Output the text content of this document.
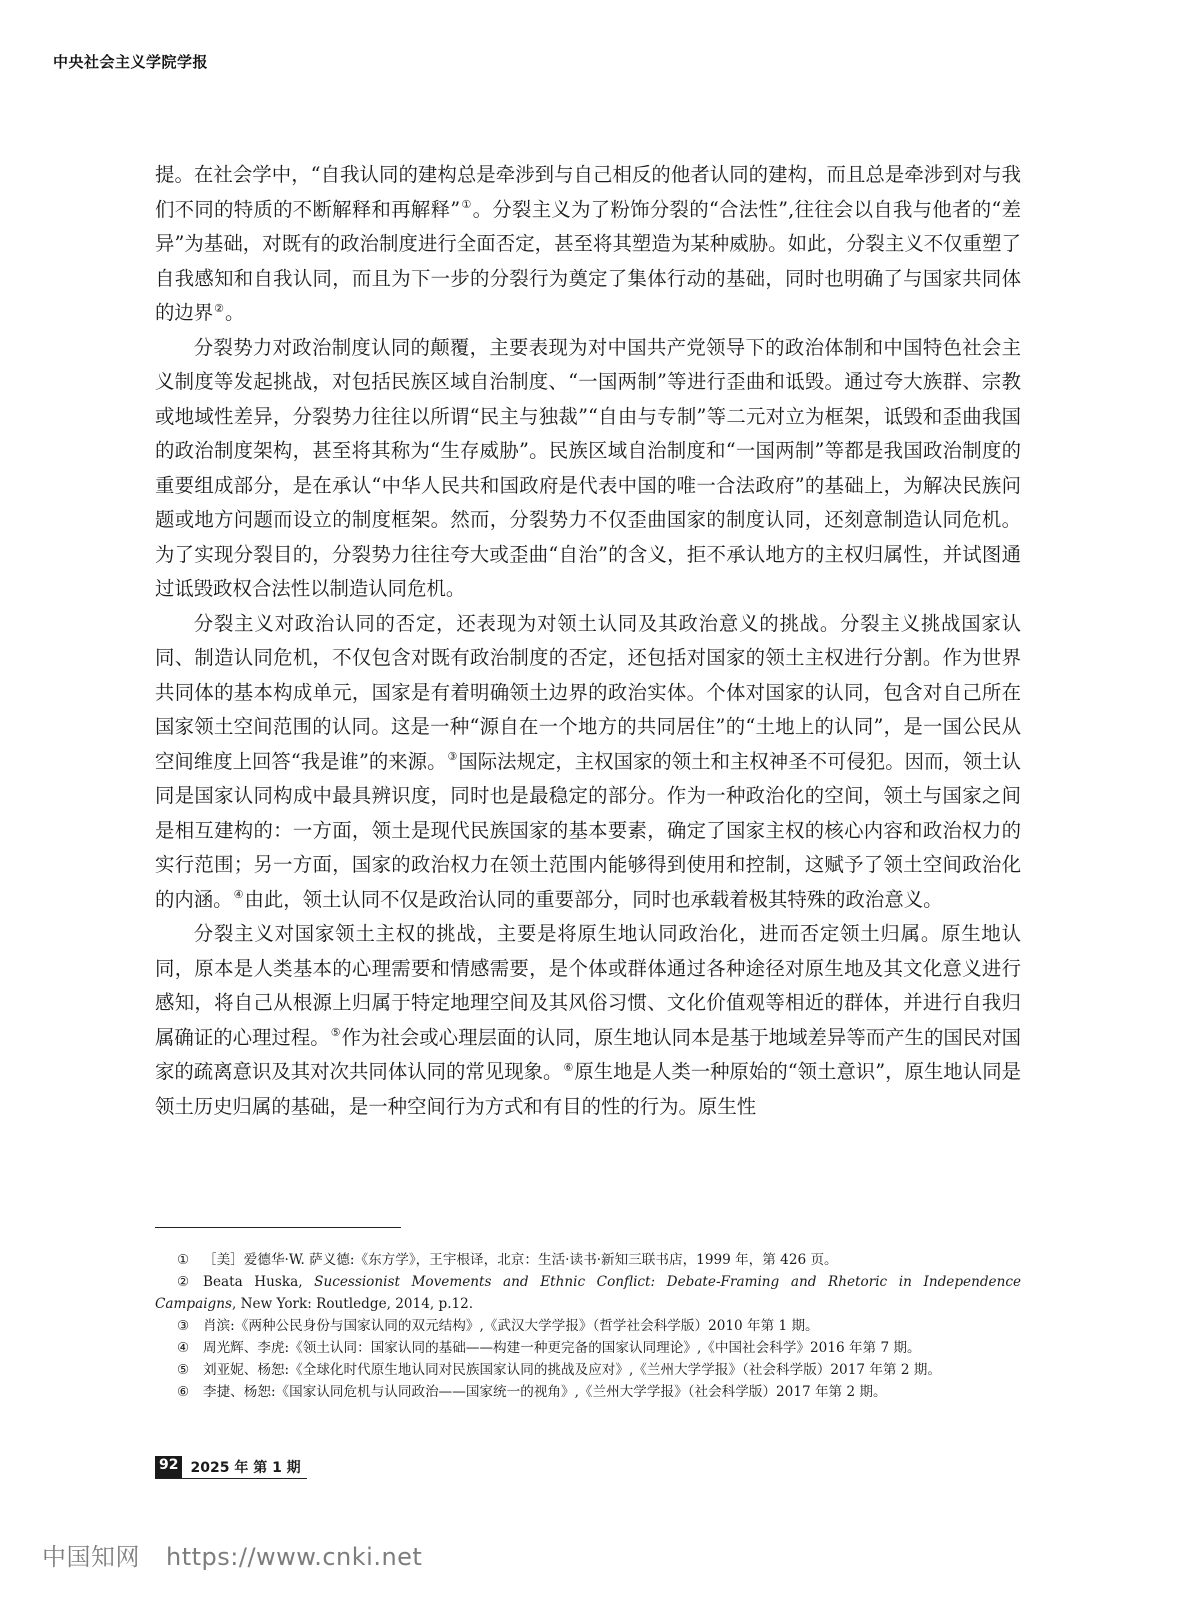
中央社会主义学院学报

提。在社会学中，“自我认同的建构总是牵涉到与自己相反的他者认同的建构，而且总是牵涉到对与我们不同的特质的不断解释和再解释”①。分裂主义为了粉饰分裂的“合法性”,往往会以自我与他者的“差异”为基础，对既有的政治制度进行全面否定，甚至将其塑造为某种威胁。如此，分裂主义不仅重塑了自我感知和自我认同，而且为下一步的分裂行为奠定了集体行动的基础，同时也明确了与国家共同体的边界②。

分裂势力对政治制度认同的颠覆，主要表现为对中国共产党领导下的政治体制和中国特色社会主义制度等发起挑战，对包括民族区域自治制度、“一国两制”等进行歪曲和诋毁。通过夸大族群、宗教或地域性差异，分裂势力往往以所谓“民主与独裁”“自由与专制”等二元对立为框架，诋毁和歪曲我国的政治制度架构，甚至将其称为“生存威胁”。民族区域自治制度和“一国两制”等都是我国政治制度的重要组成部分，是在承认“中华人民共和国政府是代表中国的唯一合法政府”的基础上，为解决民族问题或地方问题而设立的制度框架。然而，分裂势力不仅歪曲国家的制度认同，还刻意制造认同危机。为了实现分裂目的，分裂势力往往夸大或歪曲“自治”的含义，拒不承认地方的主权归属性，并试图通过诋毁政权合法性以制造认同危机。

分裂主义对政治认同的否定，还表现为对领土认同及其政治意义的挑战。分裂主义挑战国家认同、制造认同危机，不仅包含对既有政治制度的否定，还包括对国家的领土主权进行分割。作为世界共同体的基本构成单元，国家是有着明确领土边界的政治实体。个体对国家的认同，包含对自己所在国家领土空间范围的认同。这是一种“源自在一个地方的共同居住”的“土地上的认同”，是一国公民从空间维度上回答“我是谁”的来源。③国际法规定，主权国家的领土和主权神圣不可侵犯。因而，领土认同是国家认同构成中最具辨识度，同时也是最稳定的部分。作为一种政治化的空间，领土与国家之间是相互建构的：一方面，领土是现代民族国家的基本要素，确定了国家主权的核心内容和政治权力的实行范围；另一方面，国家的政治权力在领土范围内能够得到使用和控制，这赋予了领土空间政治化的内涵。④由此，领土认同不仅是政治认同的重要部分，同时也承载着极其特殊的政治意义。

分裂主义对国家领土主权的挑战，主要是将原生地认同政治化，进而否定领土归属。原生地认同，原本是人类基本的心理需要和情感需要，是个体或群体通过各种途径对原生地及其文化意义进行感知，将自己从根源上归属于特定地理空间及其风俗习惯、文化价值观等相近的群体，并进行自我归属确证的心理过程。⑤作为社会或心理层面的认同，原生地认同本是基于地域差异等而产生的国民对国家的疏离意识及其对次共同体认同的常见现象。⑥原生地是人类一种原始的“领土意识”，原生地认同是领土历史归属的基础，是一种空间行为方式和有目的性的行为。原生性

① ［美］爱德华·W. 萨义德:《东方学》，王宇根译，北京：生活·读书·新知三联书店，1999 年，第 426 页。
② Beata Huska, Sucessionist Movements and Ethnic Conflict: Debate-Framing and Rhetoric in Independence Campaigns, New York: Routledge, 2014, p.12.
③ 肖滨:《两种公民身份与国家认同的双元结构》,《武汉大学学报》（哲学社会科学版）2010 年第 1 期。
④ 周光辉、李虎:《领土认同：国家认同的基础——构建一种更完备的国家认同理论》,《中国社会科学》2016 年第 7 期。
⑤ 刘亚妮、杨恕:《全球化时代原生地认同对民族国家认同的挑战及应对》,《兰州大学学报》（社会科学版）2017 年第 2 期。
⑥ 李捷、杨恕:《国家认同危机与认同政治——国家统一的视角》,《兰州大学学报》（社会科学版）2017 年第 2 期。
92 2025 年 第 1 期
中国知网 https://www.cnki.net
